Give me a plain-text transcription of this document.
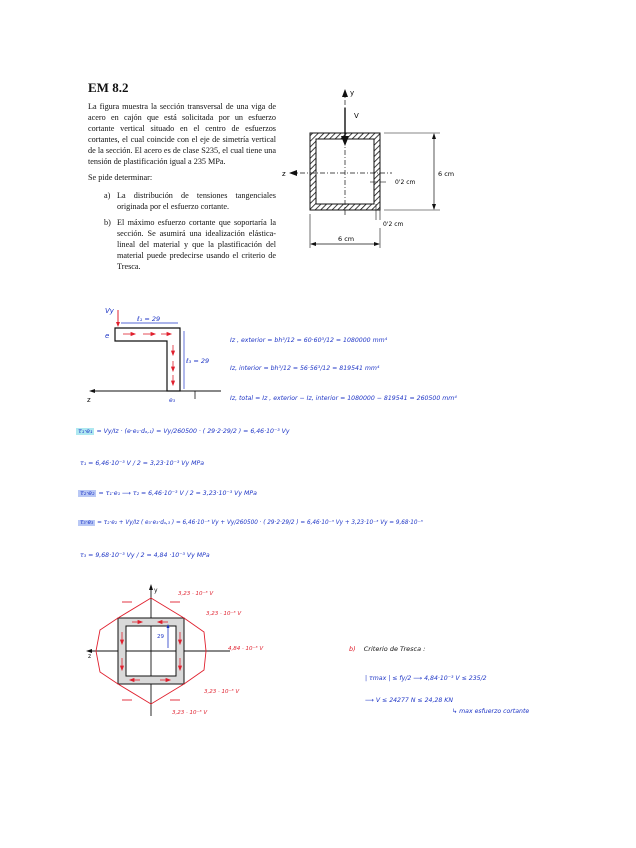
EM 8.2
La figura muestra la sección transversal de una viga de acero en cajón que está solicitada por un esfuerzo cortante vertical situado en el centro de esfuerzos cortantes, el cual coincide con el eje de simetría vertical de la sección. El acero es de clase S235, el cual tiene una tensión de plastificación igual a 235 MPa.
Se pide determinar:
a) La distribución de tensiones tangenciales originada por el esfuerzo cortante.
b) El máximo esfuerzo cortante que soportaría la sección. Se asumirá una idealización elástica-lineal del material y que la plastificación del material puede predecirse usando el criterio de Tresca.
y
z
V
6 cm
0'2 cm
0'2 cm
6 cm
z
Vy
ℓ₁ = 29
ℓ₃ = 29
e
e₃
Iz , exterior = bh³/12 = 60·60³/12 = 1080000 mm⁴
Iz, interior = bh³/12 = 56·56³/12 = 819541 mm⁴
Iz, total = Iz , exterior − Iz, interior = 1080000 − 819541 = 260500 mm⁴
τ₁·e₁ = Vy/Iz · (e·e₁·dₐ,₁) = Vy/260500 · ( 29·2·29/2 ) = 6,46·10⁻³ Vy
τ₁ = 6,46·10⁻³ V / 2 = 3,23·10⁻³ Vy MPa
τ₂·e₂ = τ₁·e₁ ⟶ τ₂ = 6,46·10⁻³ V / 2 = 3,23·10⁻³ Vy MPa
τ₃·e₃ = τ₂·e₂ + Vy/Iz ( e₃·e₃·dₐ,₃ ) = 6,46·10⁻³ Vy + Vy/260500 · ( 29·2·29/2 ) = 6,46·10⁻³ Vy + 3,23·10⁻³ Vy = 9,68·10⁻³
τ₃ = 9,68·10⁻³ Vy / 2 = 4,84 ·10⁻³ Vy MPa
y
z
29
3,23 · 10⁻³ V
3,23 · 10⁻³ V
4,84 · 10⁻³ V
3,23 · 10⁻³ V
3,23 · 10⁻³ V
b) Criterio de Tresca :
| τmax | ≤ fy/2 ⟶ 4,84·10⁻³ V ≤ 235/2
⟶ V ≤ 24277 N ≤ 24,28 KN
↳ max esfuerzo cortante
